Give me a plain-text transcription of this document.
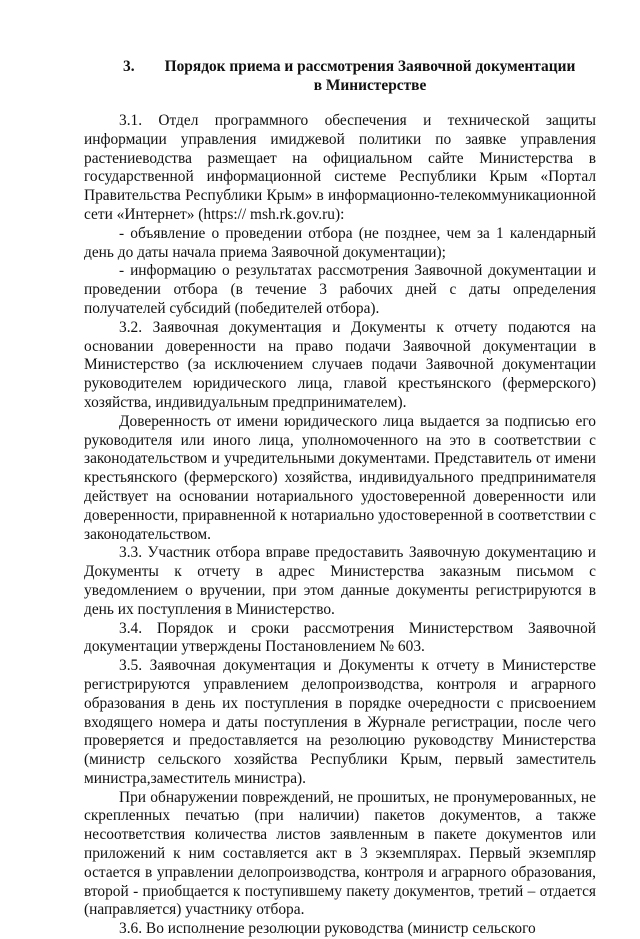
3.	Порядок приема и рассмотрения Заявочной документации
в Министерстве

3.1. Отдел программного обеспечения и технической защиты информации управления имиджевой политики по заявке управления растениеводства размещает на официальном сайте Министерства в государственной информационной системе Республики Крым «Портал Правительства Республики Крым» в информационно-телекоммуникационной сети «Интернет» (https:// msh.rk.gov.ru):

- объявление о проведении отбора (не позднее, чем за 1 календарный день до даты начала приема Заявочной документации);

- информацию о результатах рассмотрения Заявочной документации и проведении отбора (в течение 3 рабочих дней с даты определения получателей субсидий (победителей отбора).

3.2. Заявочная документация и Документы к отчету подаются на основании доверенности на право подачи Заявочной документации в Министерство (за исключением случаев подачи Заявочной документации руководителем юридического лица, главой крестьянского (фермерского) хозяйства, индивидуальным предпринимателем).

Доверенность от имени юридического лица выдается за подписью его руководителя или иного лица, уполномоченного на это в соответствии с законодательством и учредительными документами. Представитель от имени крестьянского (фермерского) хозяйства, индивидуального предпринимателя действует на основании нотариального удостоверенной доверенности или доверенности, приравненной к нотариально удостоверенной в соответствии с законодательством.

3.3. Участник отбора вправе предоставить Заявочную документацию и Документы к отчету в адрес Министерства заказным письмом с уведомлением о вручении, при этом данные документы регистрируются в день их поступления в Министерство.

3.4. Порядок и сроки рассмотрения Министерством Заявочной документации утверждены Постановлением № 603.

3.5. Заявочная документация и Документы к отчету в Министерстве регистрируются управлением делопроизводства, контроля и аграрного образования в день их поступления в порядке очередности с присвоением входящего номера и даты поступления в Журнале регистрации, после чего проверяется и предоставляется на резолюцию руководству Министерства (министр сельского хозяйства Республики Крым, первый заместитель министра,заместитель министра).

При обнаружении повреждений, не прошитых, не пронумерованных, не скрепленных печатью (при наличии) пакетов документов, а также несоответствия количества листов заявленным в пакете документов или приложений к ним составляется акт в 3 экземплярах. Первый экземпляр остается в управлении делопроизводства, контроля и аграрного образования, второй - приобщается к поступившему пакету документов, третий – отдается (направляется) участнику отбора.

3.6. Во исполнение резолюции руководства (министр сельского
